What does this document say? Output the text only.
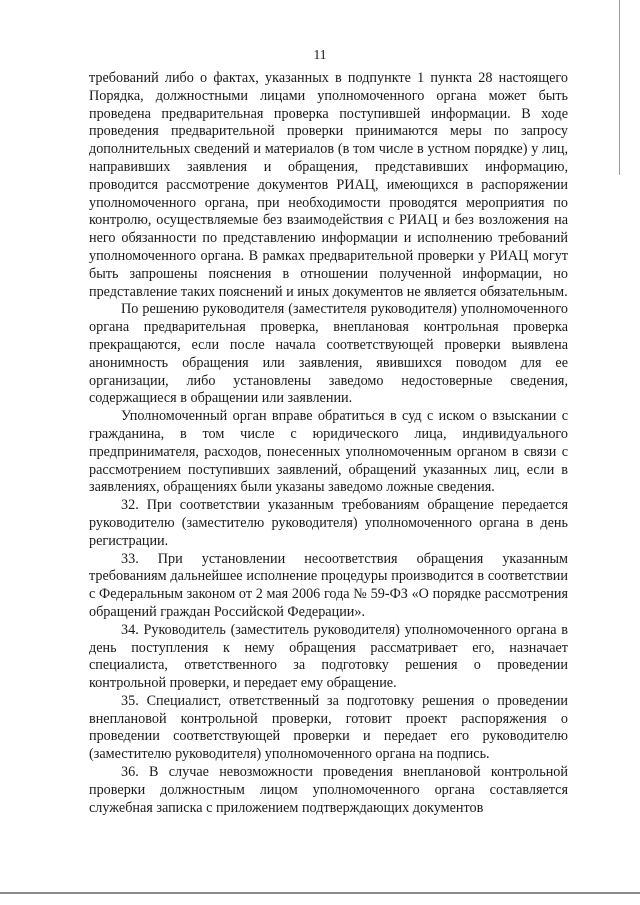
11

требований либо о фактах, указанных в подпункте 1 пункта 28 настоящего Порядка, должностными лицами уполномоченного органа может быть проведена предварительная проверка поступившей информации. В ходе проведения предварительной проверки принимаются меры по запросу дополнительных сведений и материалов (в том числе в устном порядке) у лиц, направивших заявления и обращения, представивших информацию, проводится рассмотрение документов РИАЦ, имеющихся в распоряжении уполномоченного органа, при необходимости проводятся мероприятия по контролю, осуществляемые без взаимодействия с РИАЦ и без возложения на него обязанности по представлению информации и исполнению требований уполномоченного органа. В рамках предварительной проверки у РИАЦ могут быть запрошены пояснения в отношении полученной информации, но представление таких пояснений и иных документов не является обязательным.

По решению руководителя (заместителя руководителя) уполномоченного органа предварительная проверка, внеплановая контрольная проверка прекращаются, если после начала соответствующей проверки выявлена анонимность обращения или заявления, явившихся поводом для ее организации, либо установлены заведомо недостоверные сведения, содержащиеся в обращении или заявлении.

Уполномоченный орган вправе обратиться в суд с иском о взыскании с гражданина, в том числе с юридического лица, индивидуального предпринимателя, расходов, понесенных уполномоченным органом в связи с рассмотрением поступивших заявлений, обращений указанных лиц, если в заявлениях, обращениях были указаны заведомо ложные сведения.

32. При соответствии указанным требованиям обращение передается руководителю (заместителю руководителя) уполномоченного органа в день регистрации.

33. При установлении несоответствия обращения указанным требованиям дальнейшее исполнение процедуры производится в соответствии с Федеральным законом от 2 мая 2006 года № 59-ФЗ «О порядке рассмотрения обращений граждан Российской Федерации».

34. Руководитель (заместитель руководителя) уполномоченного органа в день поступления к нему обращения рассматривает его, назначает специалиста, ответственного за подготовку решения о проведении контрольной проверки, и передает ему обращение.

35. Специалист, ответственный за подготовку решения о проведении внеплановой контрольной проверки, готовит проект распоряжения о проведении соответствующей проверки и передает его руководителю (заместителю руководителя) уполномоченного органа на подпись.

36. В случае невозможности проведения внеплановой контрольной проверки должностным лицом уполномоченного органа составляется служебная записка с приложением подтверждающих документов
